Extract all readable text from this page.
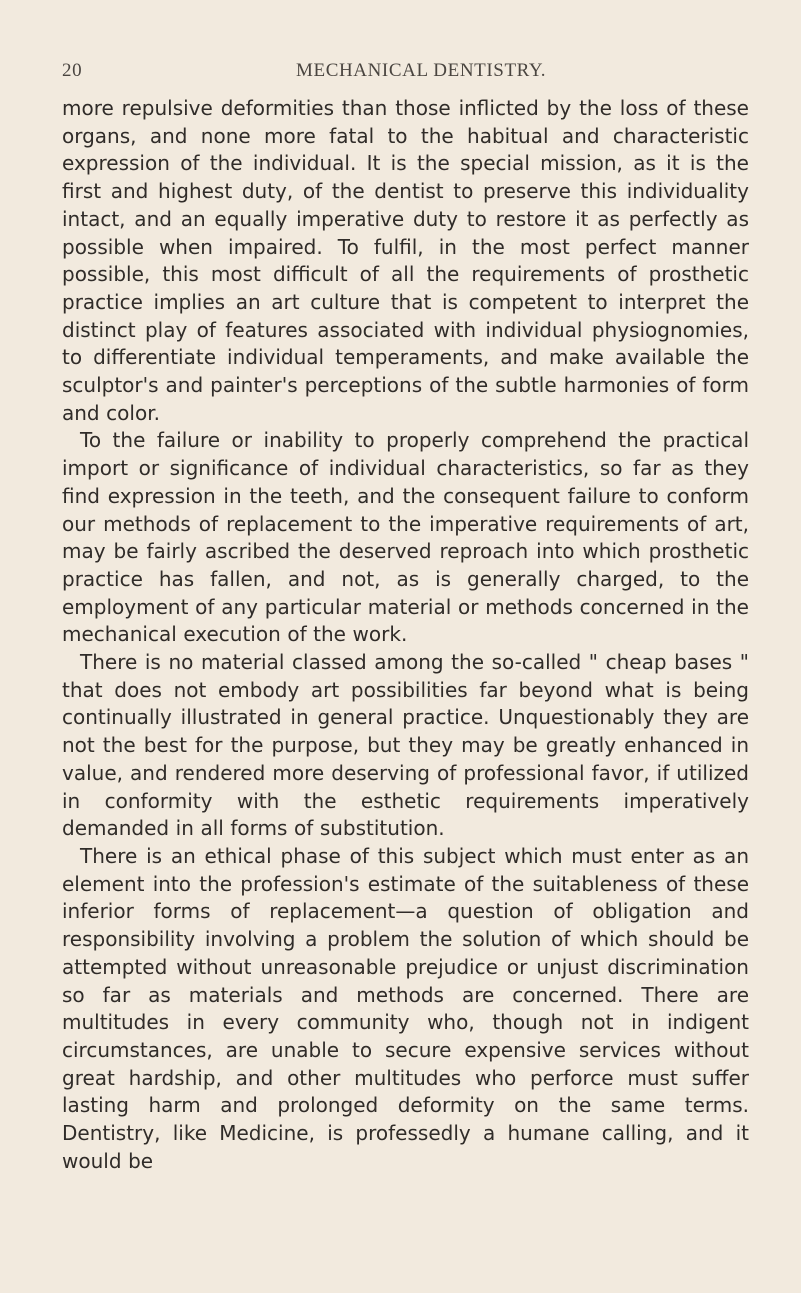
20	MECHANICAL DENTISTRY.

more repulsive deformities than those inflicted by the loss of these organs, and none more fatal to the habitual and characteristic expression of the individual. It is the special mission, as it is the first and highest duty, of the dentist to preserve this individuality intact, and an equally imperative duty to restore it as perfectly as possible when impaired. To fulfil, in the most perfect manner possible, this most difficult of all the requirements of prosthetic practice implies an art culture that is competent to interpret the distinct play of features associated with individual physiognomies, to differentiate individual temperaments, and make available the sculptor's and painter's perceptions of the subtle harmonies of form and color.

To the failure or inability to properly comprehend the practical import or significance of individual characteristics, so far as they find expression in the teeth, and the consequent failure to conform our methods of replacement to the imperative requirements of art, may be fairly ascribed the deserved reproach into which prosthetic practice has fallen, and not, as is generally charged, to the employment of any particular material or methods concerned in the mechanical execution of the work.

There is no material classed among the so-called " cheap bases " that does not embody art possibilities far beyond what is being continually illustrated in general practice. Unquestionably they are not the best for the purpose, but they may be greatly enhanced in value, and rendered more deserving of professional favor, if utilized in conformity with the esthetic requirements imperatively demanded in all forms of substitution.

There is an ethical phase of this subject which must enter as an element into the profession's estimate of the suitableness of these inferior forms of replacement—a question of obligation and responsibility involving a problem the solution of which should be attempted without unreasonable prejudice or unjust discrimination so far as materials and methods are concerned. There are multitudes in every community who, though not in indigent circumstances, are unable to secure expensive services without great hardship, and other multitudes who perforce must suffer lasting harm and prolonged deformity on the same terms. Dentistry, like Medicine, is professedly a humane calling, and it would be
